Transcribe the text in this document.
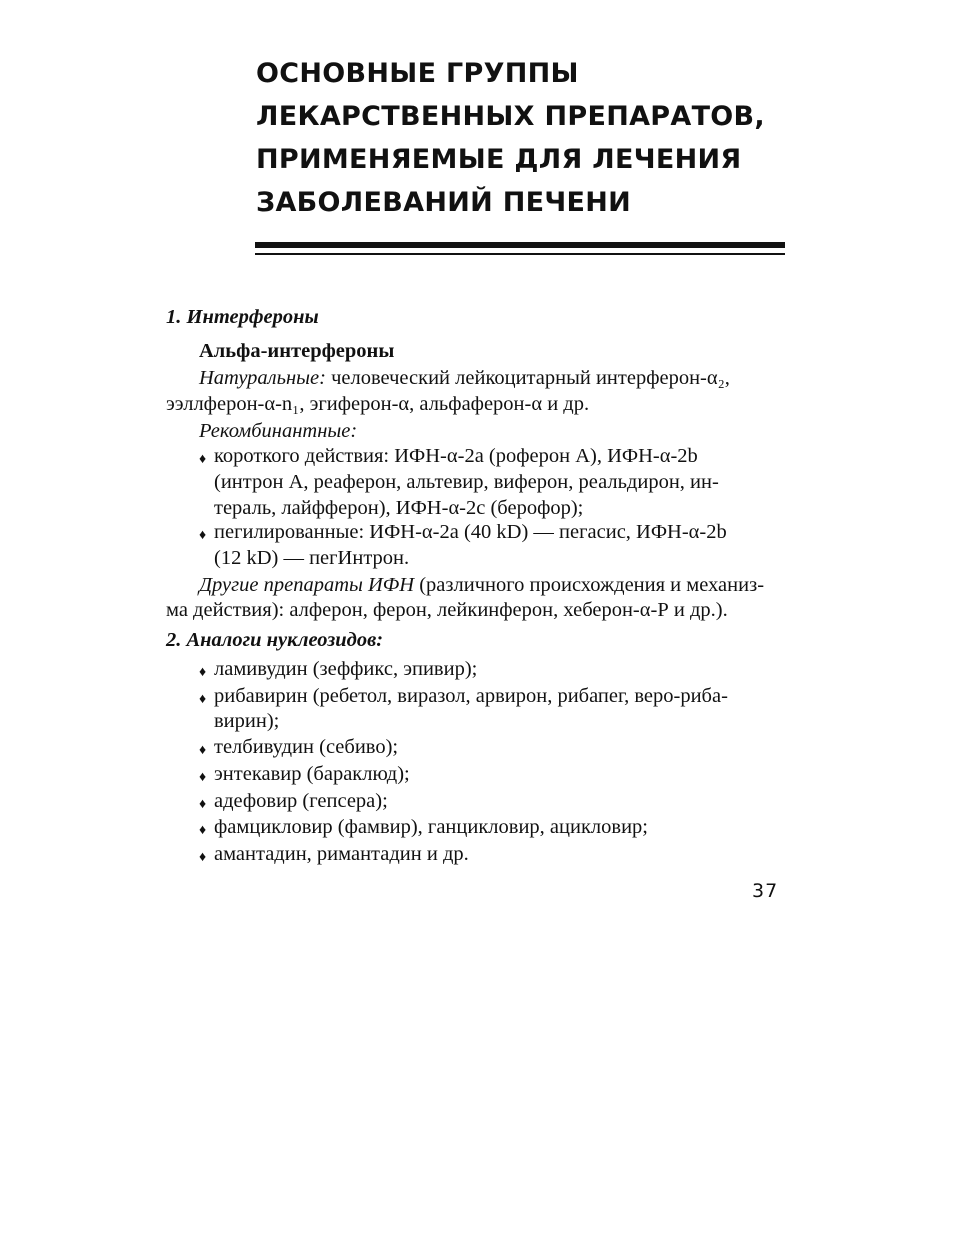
ОСНОВНЫЕ ГРУППЫ
ЛЕКАРСТВЕННЫХ ПРЕПАРАТОВ,
ПРИМЕНЯЕМЫЕ ДЛЯ ЛЕЧЕНИЯ
ЗАБОЛЕВАНИЙ ПЕЧЕНИ
1. Интерфероны
Альфа-интерфероны
Натуральные: человеческий лейкоцитарный интерферон-α₂,
ээллферон-α-n₁, эгиферон-α, альфаферон-α и др.
Рекомбинантные:
♦ короткого действия: ИФН-α-2а (роферон А), ИФН-α-2b
(интрон А, реаферон, альтевир, виферон, реальдирон, ин-
тераль, лайфферон), ИФН-α-2с (берофор);
♦ пегилированные: ИФН-α-2а (40 kD) — пегасис, ИФН-α-2b
(12 kD) — пегИнтрон.
Другие препараты ИФН (различного происхождения и механиз-
ма действия): алферон, ферон, лейкинферон, хеберон-α-Р и др.).
2. Аналоги нуклеозидов:
♦ ламивудин (зеффикс, эпивир);
♦ рибавирин (ребетол, виразол, арвирон, рибапег, веро-риба-
вирин);
♦ телбивудин (себиво);
♦ энтекавир (бараклюд);
♦ адефовир (гепсера);
♦ фамцикловир (фамвир), ганцикловир, ацикловир;
♦ амантадин, римантадин и др.
37
